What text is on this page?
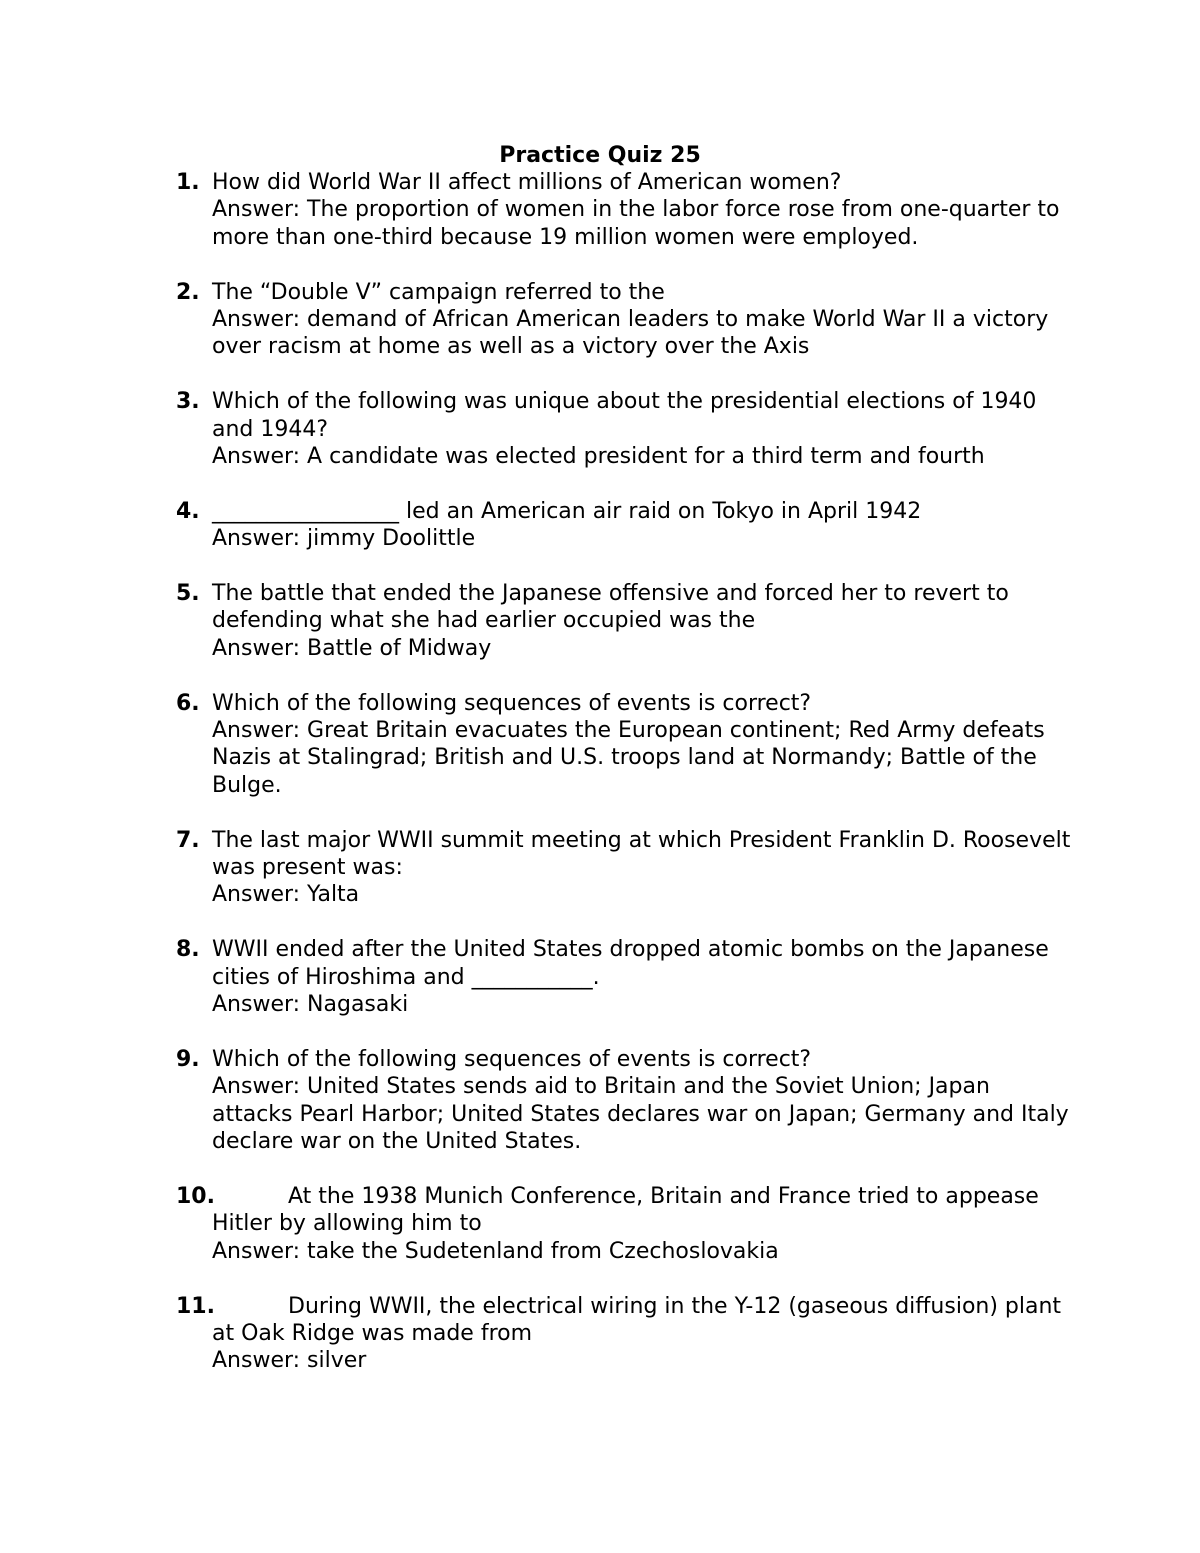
Practice Quiz 25
1. How did World War II affect millions of American women?
Answer: The proportion of women in the labor force rose from one-quarter to more than one-third because 19 million women were employed.
2. The “Double V” campaign referred to the
Answer: demand of African American leaders to make World War II a victory over racism at home as well as a victory over the Axis
3. Which of the following was unique about the presidential elections of 1940 and 1944?
Answer: A candidate was elected president for a third term and fourth
4. _________________ led an American air raid on Tokyo in April 1942
Answer: jimmy Doolittle
5. The battle that ended the Japanese offensive and forced her to revert to defending what she had earlier occupied was the
Answer: Battle of Midway
6. Which of the following sequences of events is correct?
Answer: Great Britain evacuates the European continent; Red Army defeats Nazis at Stalingrad; British and U.S. troops land at Normandy; Battle of the Bulge.
7. The last major WWII summit meeting at which President Franklin D. Roosevelt was present was:
Answer: Yalta
8. WWII ended after the United States dropped atomic bombs on the Japanese cities of Hiroshima and ___________.
Answer: Nagasaki
9. Which of the following sequences of events is correct?
Answer: United States sends aid to Britain and the Soviet Union; Japan attacks Pearl Harbor; United States declares war on Japan; Germany and Italy declare war on the United States.
10.	At the 1938 Munich Conference, Britain and France tried to appease Hitler by allowing him to
Answer: take the Sudetenland from Czechoslovakia
11.	During WWII, the electrical wiring in the Y-12 (gaseous diffusion) plant at Oak Ridge was made from
Answer: silver
